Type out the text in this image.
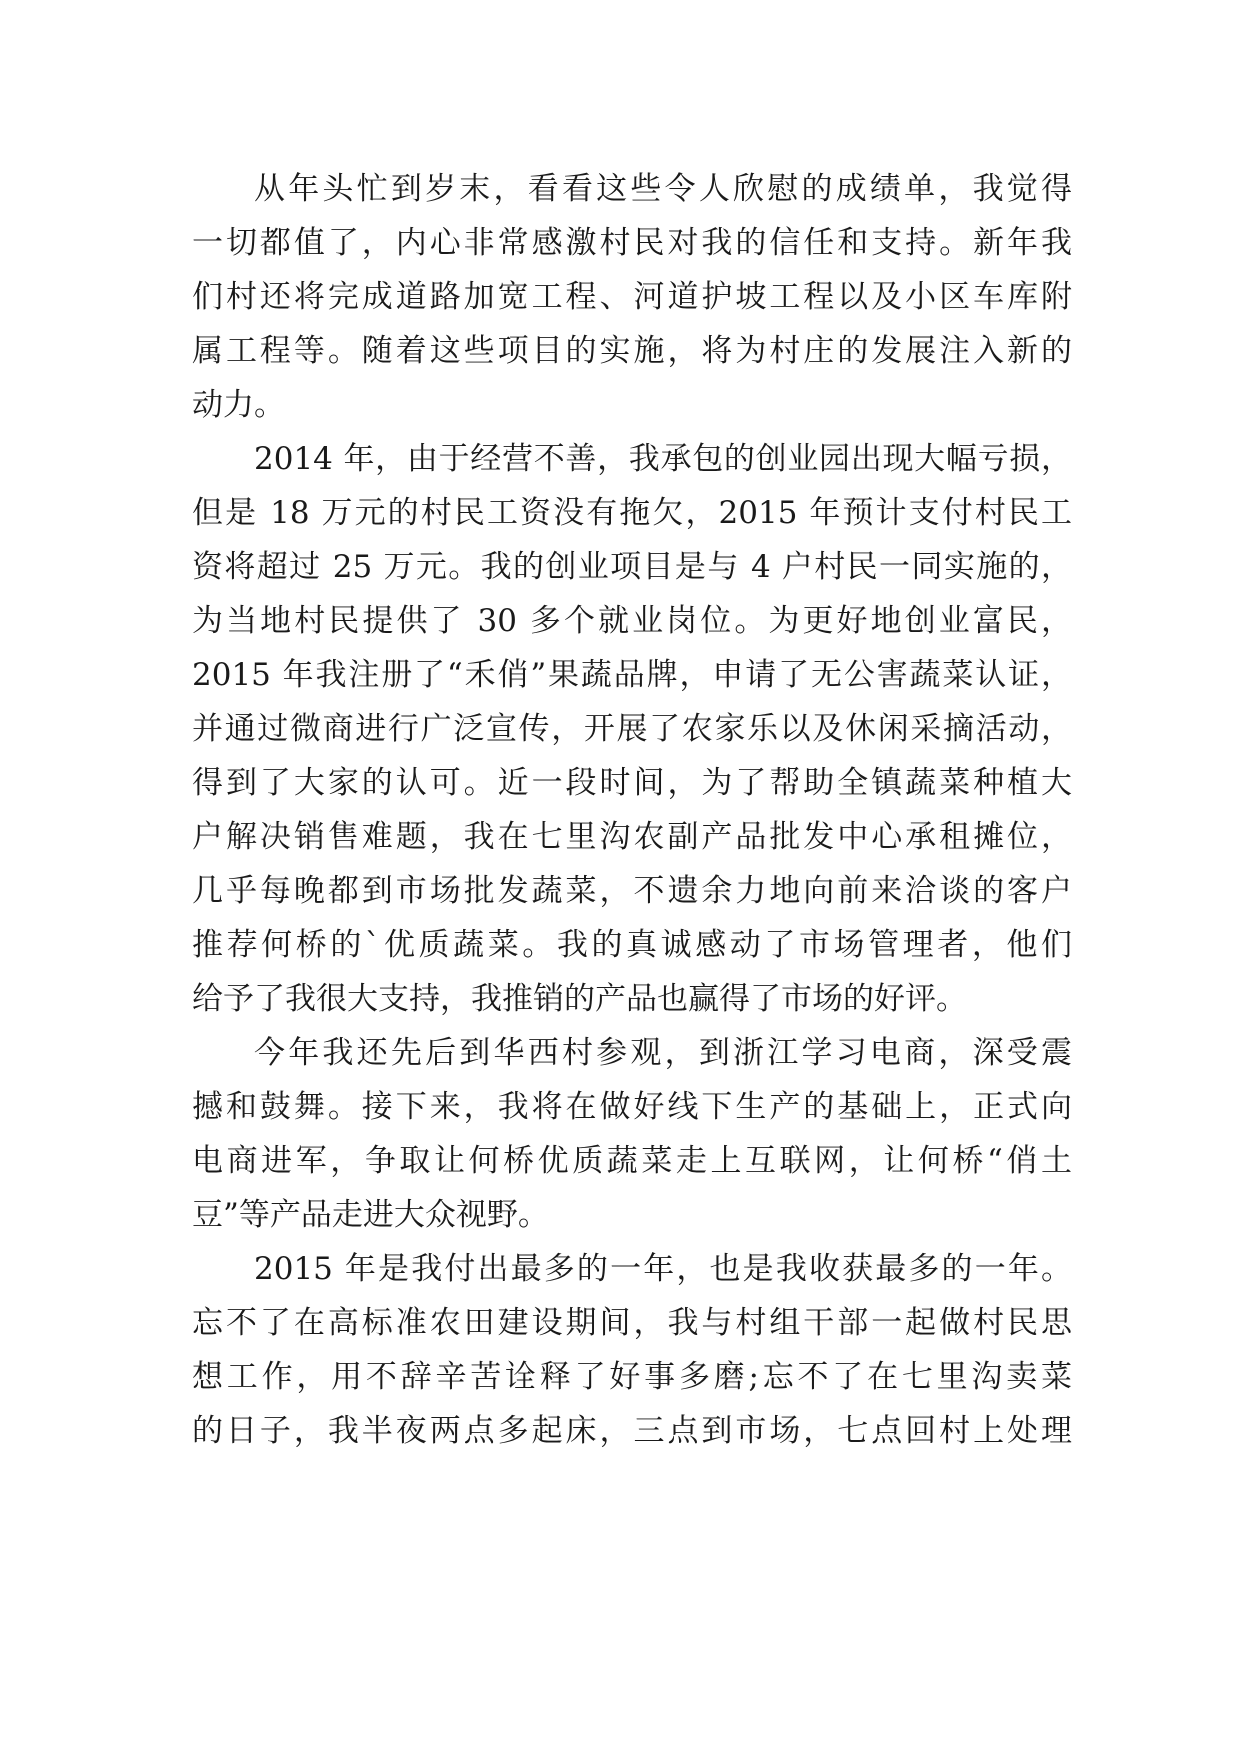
从年头忙到岁末，看看这些令人欣慰的成绩单，我觉得
一切都值了，内心非常感激村民对我的信任和支持。新年我
们村还将完成道路加宽工程、河道护坡工程以及小区车库附
属工程等。随着这些项目的实施，将为村庄的发展注入新的
动力。
2014 年，由于经营不善，我承包的创业园出现大幅亏损，
但是 18 万元的村民工资没有拖欠，2015 年预计支付村民工
资将超过 25 万元。我的创业项目是与 4 户村民一同实施的，
为当地村民提供了 30 多个就业岗位。为更好地创业富民，
2015 年我注册了“禾俏”果蔬品牌，申请了无公害蔬菜认证，
并通过微商进行广泛宣传，开展了农家乐以及休闲采摘活动，
得到了大家的认可。近一段时间，为了帮助全镇蔬菜种植大
户解决销售难题，我在七里沟农副产品批发中心承租摊位，
几乎每晚都到市场批发蔬菜，不遗余力地向前来洽谈的客户
推荐何桥的`优质蔬菜。我的真诚感动了市场管理者，他们
给予了我很大支持，我推销的产品也赢得了市场的好评。
今年我还先后到华西村参观，到浙江学习电商，深受震
撼和鼓舞。接下来，我将在做好线下生产的基础上，正式向
电商进军，争取让何桥优质蔬菜走上互联网，让何桥“俏土
豆”等产品走进大众视野。
2015 年是我付出最多的一年，也是我收获最多的一年。
忘不了在高标准农田建设期间，我与村组干部一起做村民思
想工作，用不辞辛苦诠释了好事多磨;忘不了在七里沟卖菜
的日子，我半夜两点多起床，三点到市场，七点回村上处理
